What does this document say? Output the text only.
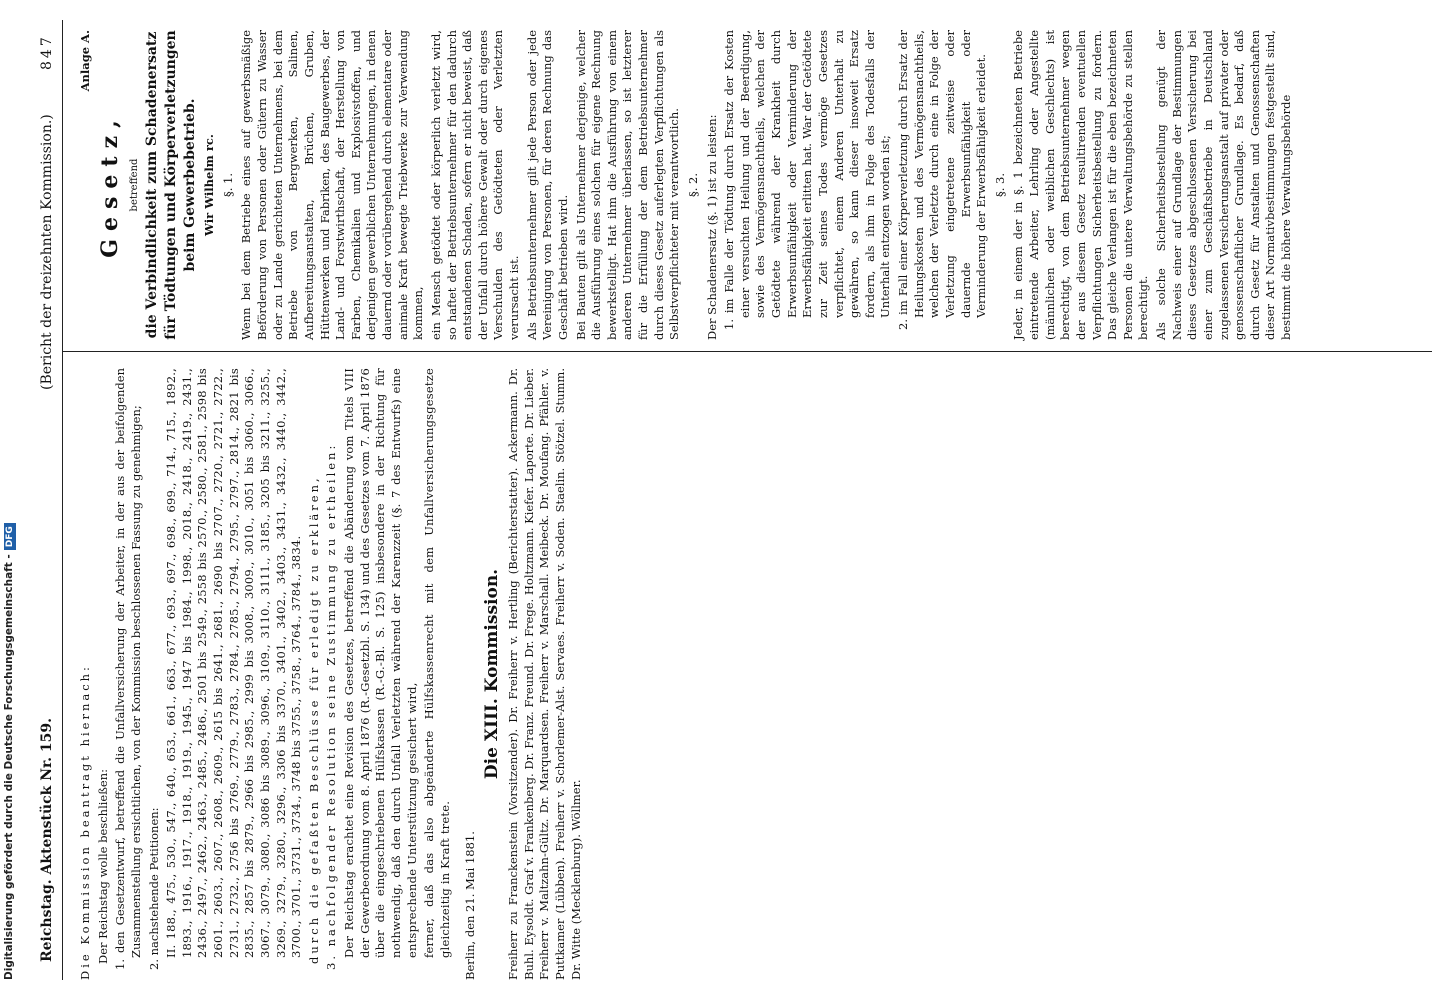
Digitalisierung gefördert durch die Deutsche Forschungsgemeinschaft -DFG
Reichstag. Aktenstück Nr. 159.
(Bericht der dreizehnten Kommission.)
847

Die Kommission beantragt hiernach: Der Reichstag wolle beschließen: 1. den Gesetzentwurf, betreffend die Unfallversicherung der Arbeiter, in der aus der beifolgenden Zusammenstellung ersichtlichen, von der Kommission beschlossenen Fassung zu genehmigen; 2. nachstehende Petitionen: II. 188., 475., 530., 547., 640., 653., 661., 663., 677., 693., 697., 698., 699., 714., 715., 1892., 1893., 1916., 1917., 1918., 1919., 1945., 1947 bis 1984., 1998., 2018., 2418., 2419., 2431., 2436., 2497., 2462., 2463., 2485., 2486., 2501 bis 2549., 2558 bis 2570., 2580., 2581., 2598 bis 2601., 2603., 2607., 2608., 2609., 2615 bis 2641., 2681., 2690 bis 2707., 2720., 2721., 2722., 2731., 2732., 2756 bis 2769., 2779., 2783., 2784., 2785., 2794., 2795., 2797., 2814., 2821 bis 2835., 2857 bis 2879., 2966 bis 2985., 2999 bis 3008., 3009., 3010., 3051 bis 3060., 3066., 3067., 3079., 3080., 3086 bis 3089., 3096., 3109., 3110., 3111., 3185., 3205 bis 3211., 3255., 3269., 3279., 3280., 3296., 3306 bis 3370., 3401., 3402., 3403., 3431., 3432., 3440., 3442., 3700., 3701., 3731., 3734., 3748 bis 3755., 3758., 3764., 3784., 3834. durch die gefaßten Beschlüsse für erledigt zu erklären, 3. nachfolgender Resolution seine Zustimmung zu ertheilen: Der Reichstag erachtet eine Revision des Gesetzes, betreffend die Abänderung vom Titels VIII der Gewerbeordnung vom 8. April 1876 (R.-Gesetzbl. S. 134) und des Gesetzes vom 7. April 1876 über die eingeschriebenen Hülfskassen (R.-G.-Bl. S. 125) insbesondere in der Richtung für nothwendig, daß den durch Unfall Verletzten während der Karenzzeit (§. 7 des Entwurfs) eine entsprechende Unterstützung gesichert wird, ferner, daß das also abgeänderte Hülfskassenrecht mit dem Unfallversicherungsgesetze gleichzeitig in Kraft trete. Berlin, den 21. Mai 1881.

Die XIII. Kommission. Freiherr zu Franckenstein (Vorsitzender). Dr. Freiherr v. Hertling (Berichterstatter). Ackermann. Dr. Buhl. Eysoldt. Graf v. Frankenberg. Dr. Franz. Freund. Dr. Frege. Holtzmann. Kiefer. Laporte. Dr. Lieber. Freiherr v. Maltzahn-Gültz. Dr. Marquardsen. Freiherr v. Marschall. Meibeck. Dr. Moufang. Pfähler. v. Puttkamer (Lübben). Freiherr v. Schorlemer-Alst. Servaes. Freiherr v. Soden. Staelin. Stötzel. Stumm. Dr. Witte (Mecklenburg). Wöllmer.

Anlage A.

Gesetz, betreffend die Verbindlichkeit zum Schadenersatz für Tödtungen und Körperverletzungen beim Gewerbebetrieb. Wir Wilhelm rc. §. 1. Wenn bei dem Betriebe eines auf gewerbsmäßige Beförderung von Personen oder Gütern zu Wasser oder zu Lande gerichteten Unternehmens, bei dem Betriebe von Bergwerken, Salinen, Aufbereitungsanstalten, Brüchen, Gruben, Hüttenwerken und Fabriken, des Baugewerbes, der Land- und Forstwirthschaft, der Herstellung von Farben, Chemikalien und Explosivstoffen, und derjenigen gewerblichen Unternehmungen, in denen dauernd oder vorübergehend durch elementare oder animale Kraft bewegte Triebwerke zur Verwendung kommen, ein Mensch getödtet oder körperlich verletzt wird, so haftet der Betriebsunternehmer für den dadurch entstandenen Schaden, sofern er nicht beweist, daß der Unfall durch höhere Gewalt oder durch eigenes Verschulden des Getödteten oder Verletzten verursacht ist. Als Betriebsunternehmer gilt jede Person oder jede Vereinigung von Personen, für deren Rechnung das Geschäft betrieben wird. Bei Bauten gilt als Unternehmer derjenige, welcher die Ausführung eines solchen für eigene Rechnung bewerkstelligt. Hat ihm die Ausführung von einem anderen Unternehmer überlassen, so ist letzterer für die Erfüllung der dem Betriebsunternehmer durch dieses Gesetz auferlegten Verpflichtungen als Selbstverpflichteter mit verantwortlich. §. 2. Der Schadenersatz (§. 1) ist zu leisten: 1. im Falle der Tödtung durch Ersatz der Kosten einer versuchten Heilung und der Beerdigung, sowie des Vermögensnachtheils, welchen der Getödtete während der Krankheit durch Erwerbsunfähigkeit oder Verminderung der Erwerbsfähigkeit erlitten hat. War der Getödtete zur Zeit seines Todes vermöge Gesetzes verpflichtet, einem Anderen Unterhalt zu gewähren, so kann dieser insoweit Ersatz fordern, als ihm in Folge des Todesfalls der Unterhalt entzogen worden ist; 2. im Fall einer Körperverletzung durch Ersatz der Heilungskosten und des Vermögensnachtheils, welchen der Verletzte durch eine in Folge der Verletzung eingetretene zeitweise oder dauernde Erwerbsunfähigkeit oder Verminderung der Erwerbsfähigkeit erleidet. §. 3. Jeder, in einem der in §. 1 bezeichneten Betriebe eintretende Arbeiter, Lehrling oder Angestellte (männlichen oder weiblichen Geschlechts) ist berechtigt, von dem Betriebsunternehmer wegen der aus diesem Gesetz resultirenden eventuellen Verpflichtungen Sicherheitsbestellung zu fordern. Das gleiche Verlangen ist für die eben bezeichneten Personen die untere Verwaltungsbehörde zu stellen berechtigt. Als solche Sicherheitsbestellung genügt der Nachweis einer auf Grundlage der Bestimmungen dieses Gesetzes abgeschlossenen Versicherung bei einer zum Geschäftsbetriebe in Deutschland zugelassenen Versicherungsanstalt auf privater oder genossenschaftlicher Grundlage. Es bedarf, daß durch Gesetz für Anstalten und Genossenschaften dieser Art Normativbestimmungen festgestellt sind, bestimmt die höhere Verwaltungsbehörde
